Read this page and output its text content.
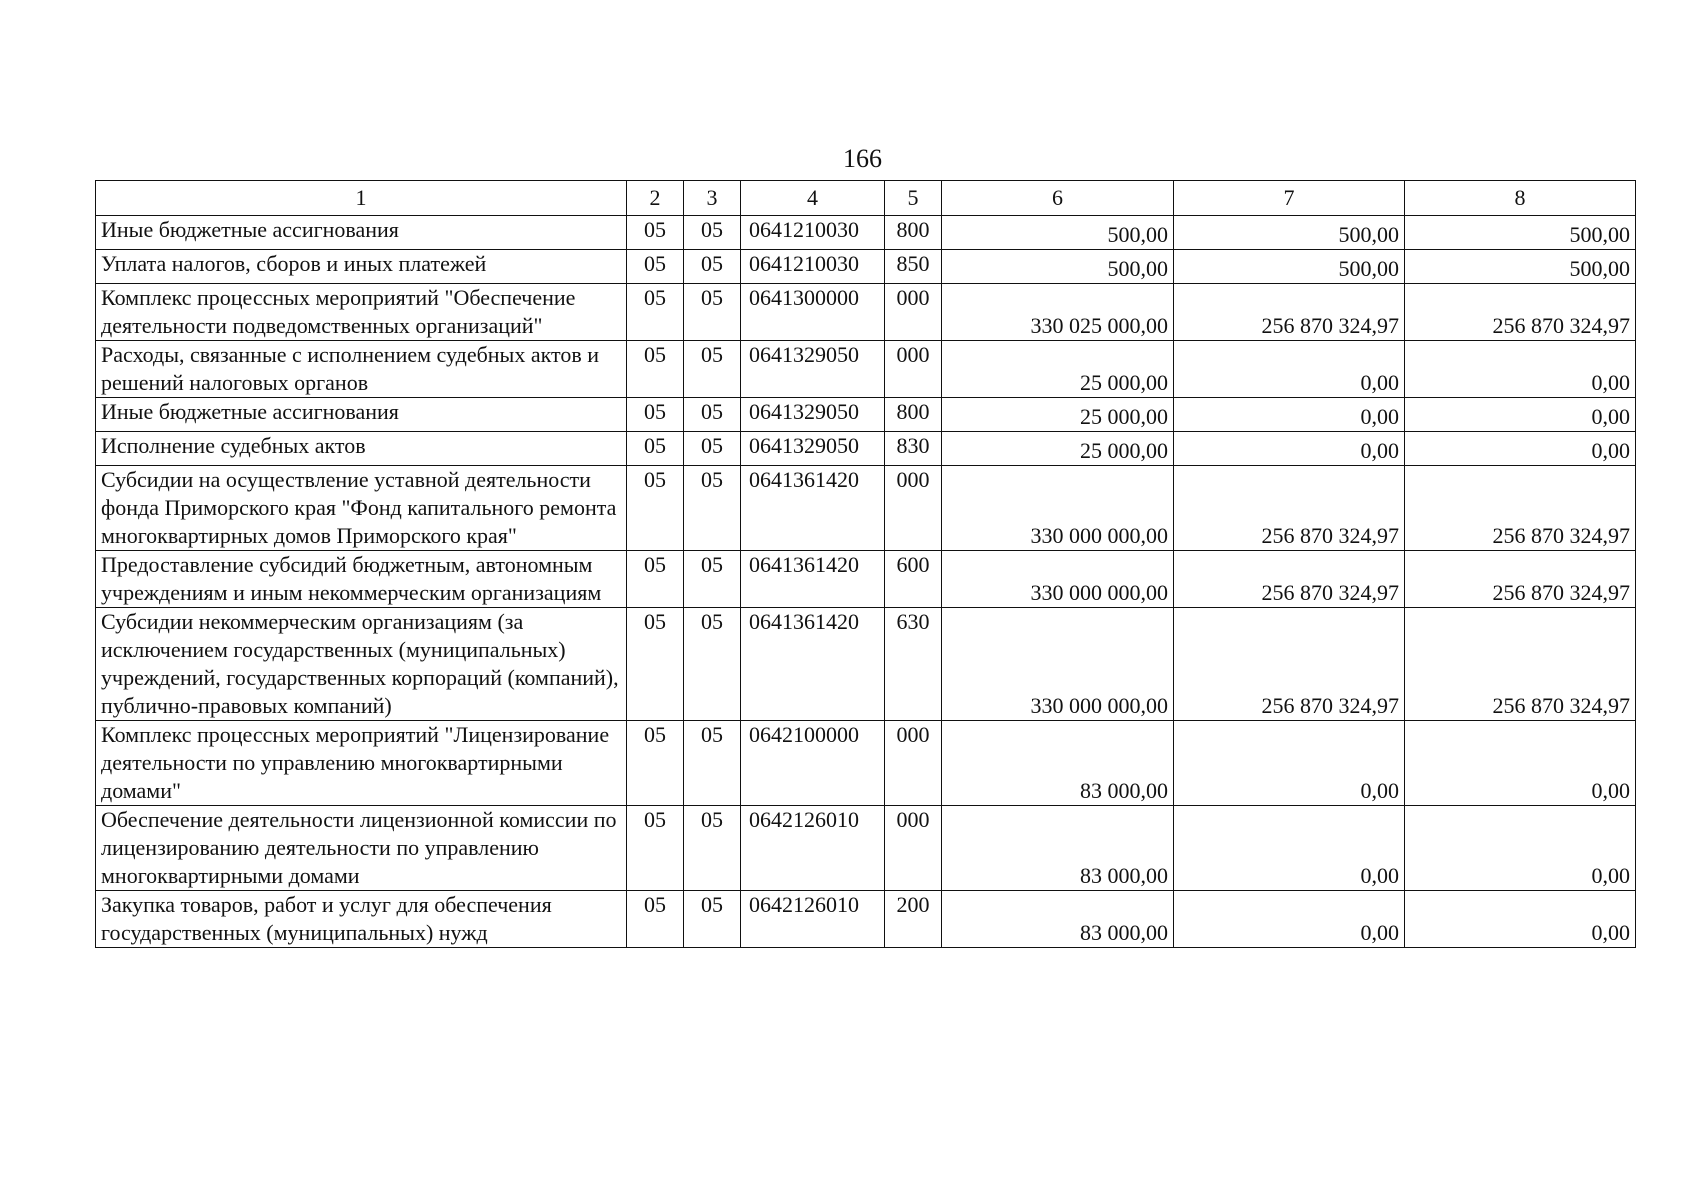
166
1	2	3	4	5	6	7	8
Иные бюджетные ассигнования	05	05	0641210030	800	500,00	500,00	500,00
Уплата налогов, сборов и иных платежей	05	05	0641210030	850	500,00	500,00	500,00
Комплекс процессных мероприятий "Обеспечение деятельности подведомственных организаций"	05	05	0641300000	000	330 025 000,00	256 870 324,97	256 870 324,97
Расходы, связанные с исполнением судебных актов и решений налоговых органов	05	05	0641329050	000	25 000,00	0,00	0,00
Иные бюджетные ассигнования	05	05	0641329050	800	25 000,00	0,00	0,00
Исполнение судебных актов	05	05	0641329050	830	25 000,00	0,00	0,00
Субсидии на осуществление уставной деятельности фонда Приморского края "Фонд капитального ремонта многоквартирных домов Приморского края"	05	05	0641361420	000	330 000 000,00	256 870 324,97	256 870 324,97
Предоставление субсидий бюджетным, автономным учреждениям и иным некоммерческим организациям	05	05	0641361420	600	330 000 000,00	256 870 324,97	256 870 324,97
Субсидии некоммерческим организациям (за исключением государственных (муниципальных) учреждений, государственных корпораций (компаний), публично-правовых компаний)	05	05	0641361420	630	330 000 000,00	256 870 324,97	256 870 324,97
Комплекс процессных мероприятий "Лицензирование деятельности по управлению многоквартирными домами"	05	05	0642100000	000	83 000,00	0,00	0,00
Обеспечение деятельности лицензионной комиссии по лицензированию деятельности по управлению многоквартирными домами	05	05	0642126010	000	83 000,00	0,00	0,00
Закупка товаров, работ и услуг для обеспечения государственных (муниципальных) нужд	05	05	0642126010	200	83 000,00	0,00	0,00
